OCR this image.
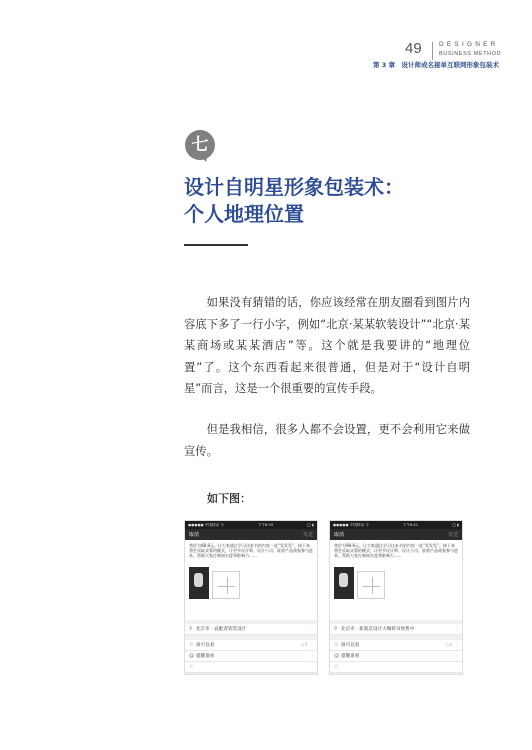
49	DESIGNER
BUSINESS METHOD
第 3 章　设计师成名接单互联网形象包装术
七
设计自明星形象包装术：
个人地理位置

如果没有猜错的话，你应该经常在朋友圈看到图片内容底下多了一行小字，例如“北京·某某软装设计”“北京·某某商场或某某酒店”等。这个就是我要讲的“地理位置”了。这个东西看起来很普通，但是对于“设计自明星”而言，这是一个很重要的宣传手段。

但是我相信，很多人都不会设置，更不会利用它来做宣传。

如下图：
●●●●● 中国移动 令	下午6:39	◯ ▮
取消	发送
售价为98.8元。让大家通过学习这本书的内容一直“发发发”。接下来将会采取众筹的模式，让更多设计师、设计公司、软装产品商家参与进来，帮助大家打响知名度和影响力......
⚲ 北京市 · 哀配者软装设计	›
♲ 谁可以看	公开 ›
@ 提醒谁看	›
☆
●●●●● 中国移动 令	下午6:41	◯ ▮
取消	发送
售价为98.8元。让大家通过学习这本书的内容一直“发发发”。接下来将会采取众筹的模式，让更多设计师、设计公司、软装产品商家参与进来，帮助大家打响知名度和影响力......
⚲ 北京市 · 新就是设计大咖新书预售中	›
♲ 谁可以看	公开 ›
@ 提醒谁看	›
☆
